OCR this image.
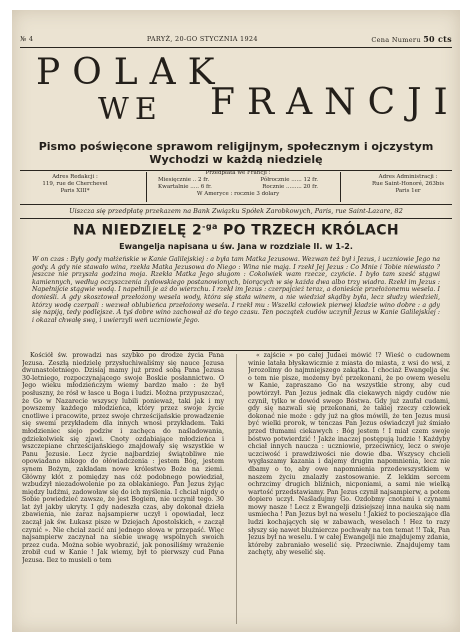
№ 4	PARYŻ, 20-GO STYCZNIA 1924	Cena Numeru 50 cts
POLAK
WE FRANCJI
Pismo poświęcone sprawom religijnym, społecznym i ojczystym
Wychodzi w każdą niedzielę
Adres Redakcji :
119, rue de Cherchevel
Paris XIII*
Przedpłata we Francji :
Miesięcznie .. 2 fr.	Półrocznie ...... 12 fr.
Kwartalnie ..... 6 fr.	Rocznie ......... 20 fr.
W Ameryce : rocznie 3 dolary
Adres Administracji :
Rue Saint-Honoré, 263bis
Paris 1er
Uiszcza się przedpłatę przekazem na Bank Związku Spółek Zarobkowych, Paris, rue Saint-Lazare, 82
NA NIEDZIELĘ $2^{-ga}$ PO TRZECH KRÓLACH
Ewangelja napisana u św. Jana w rozdziale II. w 1-2.
W on czas : Były gody małżeńskie w Kanie Galilejskiej : a była tam Matka Jezusowa. Wezwan też był i Jezus, i uczniowie Jego na gody. A gdy nie stawało wina, rzekła Matka Jezusowa do Niego : Wina nie mają. I rzekł Jej Jezus : Co Mnie i Tobie niewiasto ? jeszcze nie przyszła godzina moja. Rzekła Matka Jego sługom : Cokolwiek wam rzecze, czyńcie. I było tam sześć stągwi kamiennych, według oczyszczenia żydowskiego postanowionych, biorących w się każda dwa albo trzy wiadra. Rzekł im Jezus : Napełnijcie stągwie wodą. I napełnili je aż do wierzchu. I rzekł im Jezus : czerpajcież teraz, a donieście przełożonemu wesela. I donieśli. A gdy skosztował przełożony wesela wody, która się stała winem, a nie wiedział skądby była, lecz słudzy wiedzieli, którzy wodę czerpali : wezwał oblubieńca przełożony wesela. I rzekł mu : Wszelki człowiek pierwej kładzie wino dobre : a gdy się napiją, tedy podlejsze. A tyś dobre wino zachował aż do tego czasu. Ten początek cudów uczynił Jezus w Kanie Galilejskiej : i okazał chwałę swą, i uwierzyli weń uczniowie Jego.

Kościół św. prowadzi nas szybko po drodze życia Pana Jezusa. Zeszłą niedzielę przysłuchiwaliśmy się nauce Jezusa dwunastoletniego. Dzisiaj mamy już przed sobą Pana Jezusa 30-letniego, rozpoczynającego swoje Boskie posłannictwo. O Jego wieku młodzieńczym wiemy bardzo mało : że był posłuszny, że rósł w łasce u Boga i ludzi. Można przypuszczać, że Go w Nazarecie wszyscy lubili ponieważ, taki jak i my powszemy każdego młodzieńca, który przez swoje życie cnotliwe i pracowite, przez swoje chrześcijańskie prowadzenie się swemi przykładem dla innych wnosi przykładem. Taki młodzieniec siejo podziw i zachęca do naśladowania, gdziekolwiek się zjawi. Cnoty ozdabiające młodzieńca i wszczepiane chrześcijańskiego znajdowały się wszystkie w Panu Jezusie. Lecz życie najbardziej świątobliwe nie opowiadano nikogo do ołówiadczenia : jestem Bóg, jestem synem Bożym, zakładam nowe królestwo Boże na ziemi. Główny kłót z pomiędzy nas cóż podobnego powiedział, wzbudzył niezadowolenie po za oblakaniego. Pan Jezus żyjąc między ludźmi, zadowoław się do ich myślenia. I chciał nigdy o Sobie powiedzieć zawsze, że jest Bogiem, nie uczynił tego. 30 lat żył jakby ukryty. I gdy nadeszła czas, aby dokonał dzieła zbawienia, nie zaraz najsampierw uczył i opowiadał, lecz zaczął jak św. Łukasz pisze w Dziejach Apostolskich, « zaczął czynić ». Nie chciał zacić ani jednego słowa w przepaść. Więc najsampierw zaczynał na siebie uwagę wspólnych swoich przez cuda. Można sobie wyobrazić, jak ponosiliśmy wrażenie zrobił cud w Kanie ! Jak wiemy, był to pierwszy cud Pana Jezusa. Ilez to musieli o tem

« zajście » po całej Judaei mówić !? Wieść o cudownem winie latała błyskawicznie z miasta do miasta, z wsi do wsi, z Jerozolimy do najmniejszego zakątka. I chociaż Ewangelja św. o tem nie pisze, możemy być przekonani, że po owem weselu w Kanie, zapraszano Go na wszystkie strony, aby cud powtórzył. Pan Jezus jednak dla ciekawych nigdy cudów nie czynił, tylko w dowód swego Bóstwa. Gdy już zaufał cudami, gdy się nazwali się przekonani, że takiej rzeczy człowiek dokonać nie może : gdy już na głos mówili, że ten Jezus musi być wielki prorok, w tenczas Pan Jezus oświadczył już śmiało przed tłumami ciekawych : Bóg jestem ! I miał czem swoje bóstwo potwierdzić ! Jakże inaczej postępują ludzie ! Każdyby chciał innych naucza : uczniowie, przeciwnicy, lecz o swoje uczciwość i prawdziwości nie dowie dba. Wszyscy chcieli wygłaszamy kazania i dajemy drugim napomnienia, lecz nie dbamy o to, aby owe napomnienia przedewszystkiem w naszem życiu znalazły zastosowanie. Z lekkim sercem ochrzcimy drugich bliźnich, nicponiami, a sami nie wielką wartość przedstawiamy. Pan Jezus czynił najsampierw, a potem dopiero uczył. Naśladujmy Go. Ozdobmy cnotami i czynami mowy nasze ! Lecz z Ewangelji dzisiejszej inna nauka się nam usmiecha ! Pan Jezus był na weselu ! Jakieź to pocieszające dla ludzi kochających się w zabawach, weselach ! Hez to razy słyszy się nawet bluźniercze pochwały na ten temat !! Tak, Pan Jezus był na weselu. I w całej Ewangelji nie znajdujemy zdania, któreby zabraniało weselić się. Przeciwnie. Znajdujemy tam zachęty, aby weselić się.
